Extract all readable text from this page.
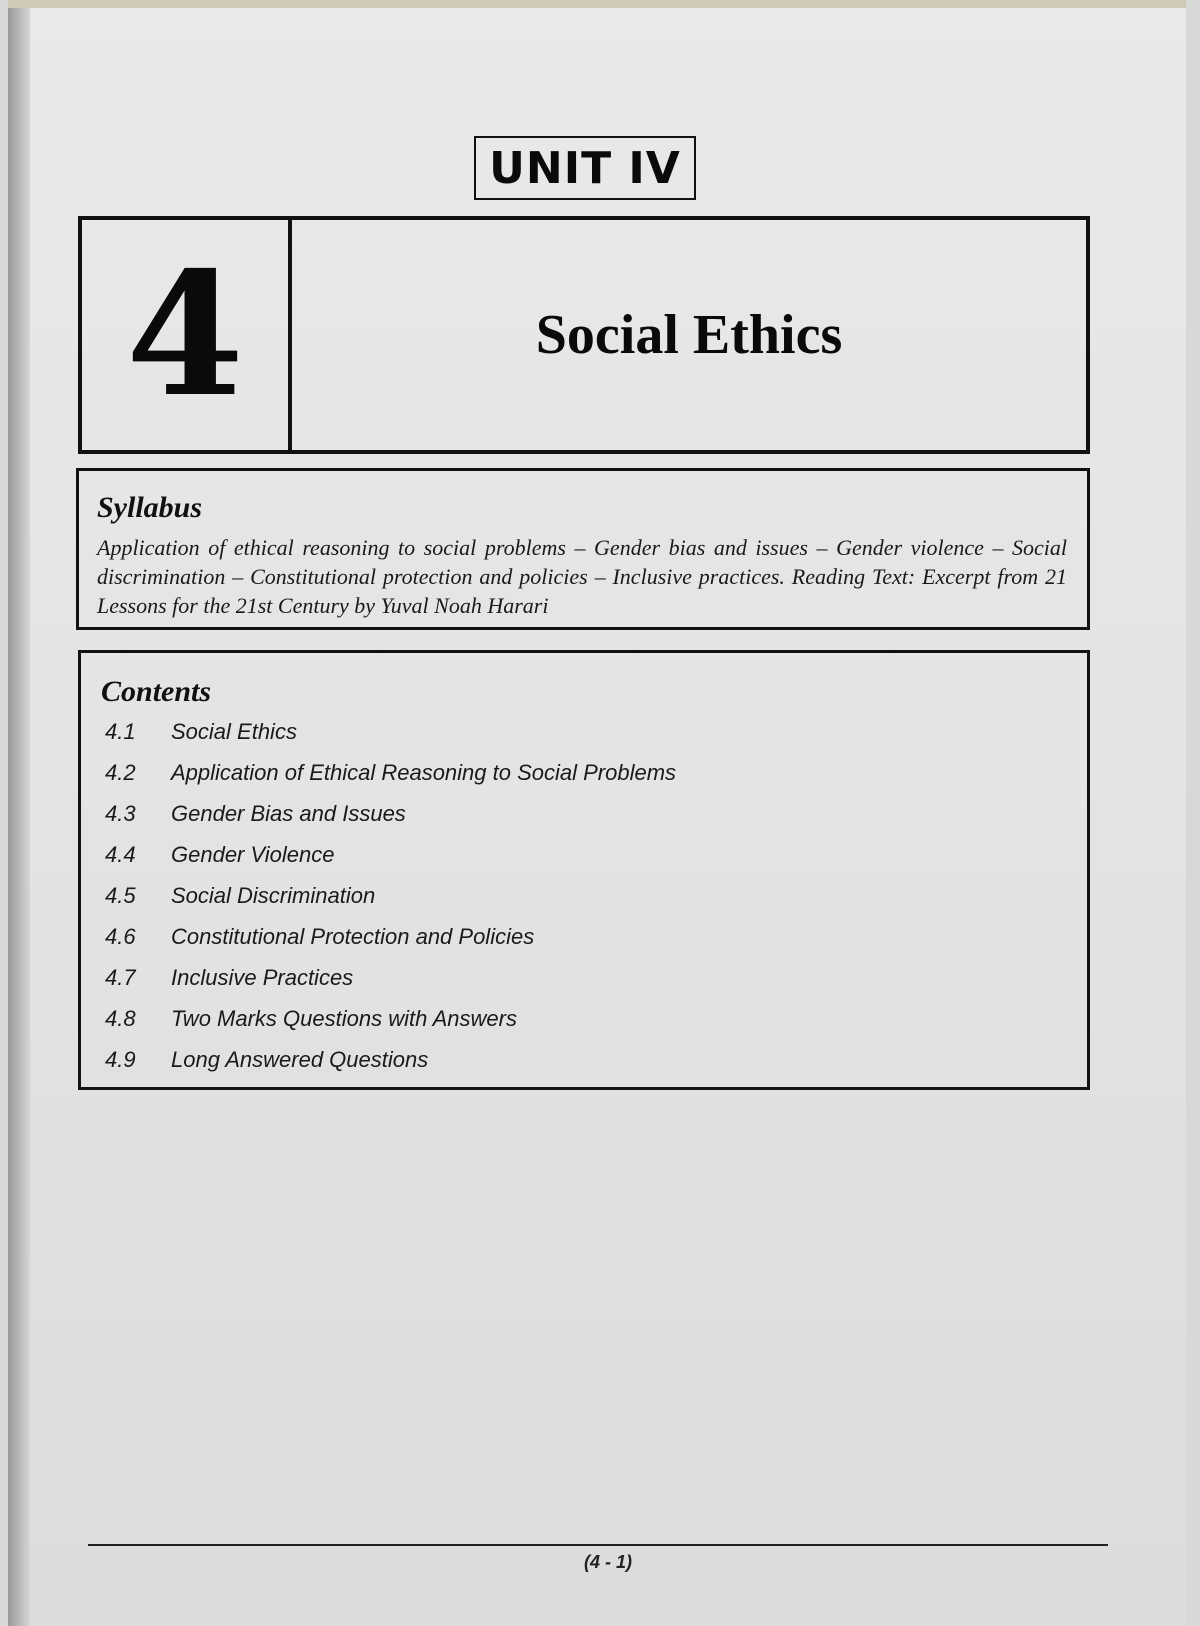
UNIT IV
4	Social Ethics

Syllabus

Application of ethical reasoning to social problems – Gender bias and issues – Gender violence – Social discrimination – Constitutional protection and policies – Inclusive practices. Reading Text: Excerpt from 21 Lessons for the 21st Century by Yuval Noah Harari

Contents

4.1	Social Ethics
4.2	Application of Ethical Reasoning to Social Problems
4.3	Gender Bias and Issues
4.4	Gender Violence
4.5	Social Discrimination
4.6	Constitutional Protection and Policies
4.7	Inclusive Practices
4.8	Two Marks Questions with Answers
4.9	Long Answered Questions
(4 - 1)
